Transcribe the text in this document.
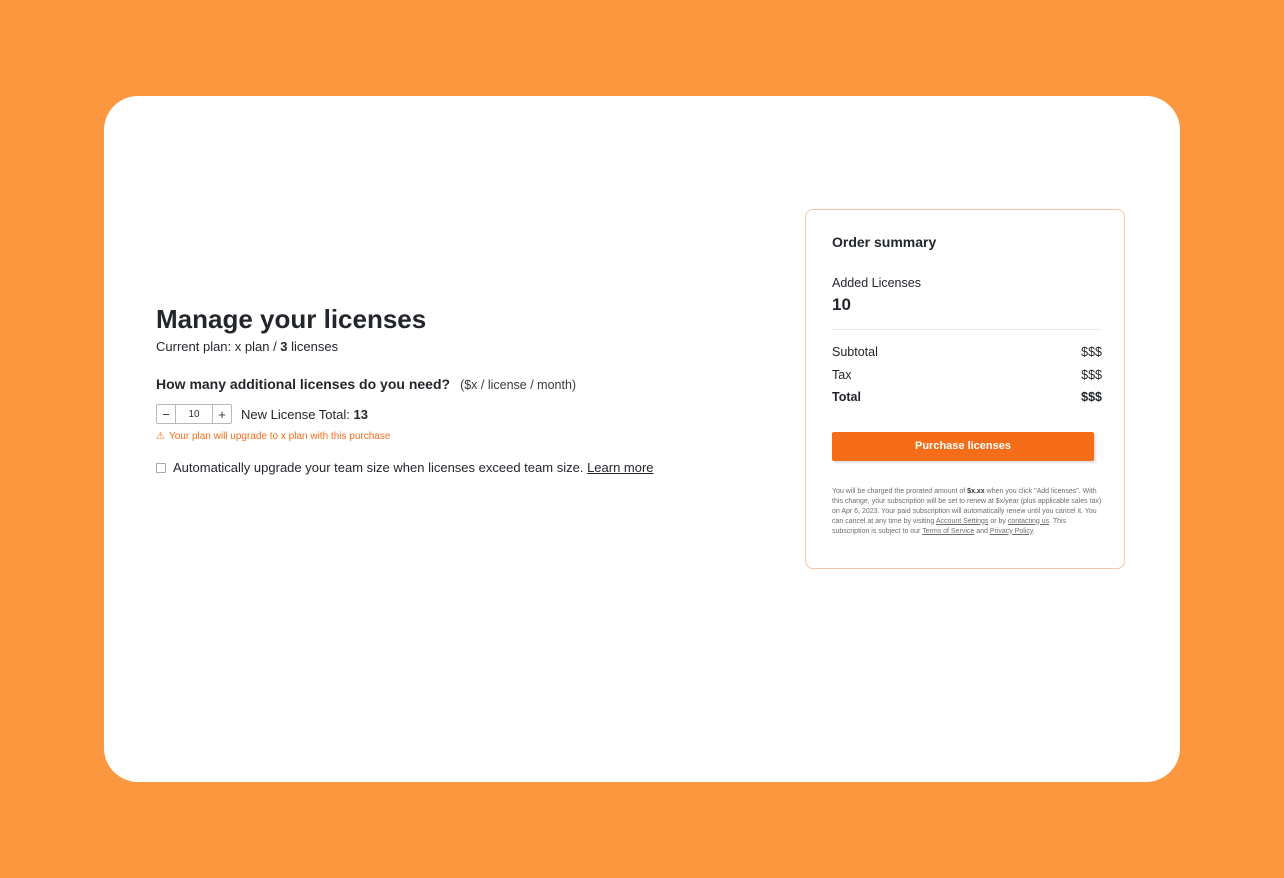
Manage your licenses
Current plan: x plan / 3 licenses
How many additional licenses do you need? ($x / license / month)
−	10	+	New License Total: 13
⚠ Your plan will upgrade to x plan with this purchase
Automatically upgrade your team size when licenses exceed team size. Learn more
Order summary
Added Licenses
10
Subtotal	$$$
Tax	$$$
Total	$$$
Purchase licenses
You will be charged the prorated amount of $x.xx when you click "Add licenses". With this change, your subscription will be set to renew at $x/year (plus applicable sales tax) on Apr 6, 2023. Your paid subscription will automatically renew until you cancel it. You can cancel at any time by visiting Account Settings or by contacting us. This subscription is subject to our Terms of Service and Privacy Policy.
